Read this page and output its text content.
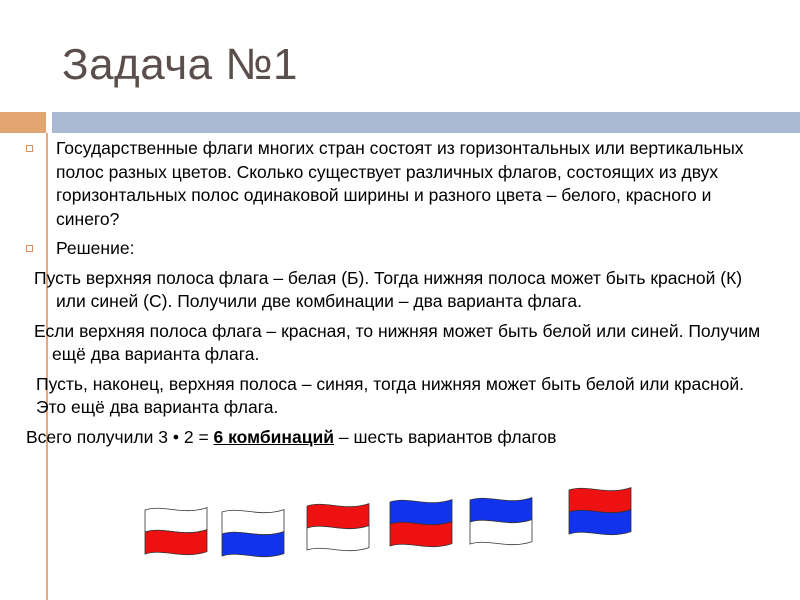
Задача №1
Государственные флаги многих стран состоят из горизонтальных или вертикальных полос разных цветов. Сколько существует различных флагов, состоящих из двух горизонтальных полос одинаковой ширины и разного цвета – белого, красного и синего?
Решение:
Пусть верхняя полоса флага – белая (Б). Тогда нижняя полоса может быть красной (К) или синей (С). Получили две комбинации – два варианта флага.
Если верхняя полоса флага – красная, то нижняя может быть белой или синей. Получим ещё два варианта флага.
Пусть, наконец, верхняя полоса – синяя, тогда нижняя может быть белой или красной. Это ещё два варианта флага.
Всего получили 3 • 2 = 6 комбинаций – шесть вариантов флагов
